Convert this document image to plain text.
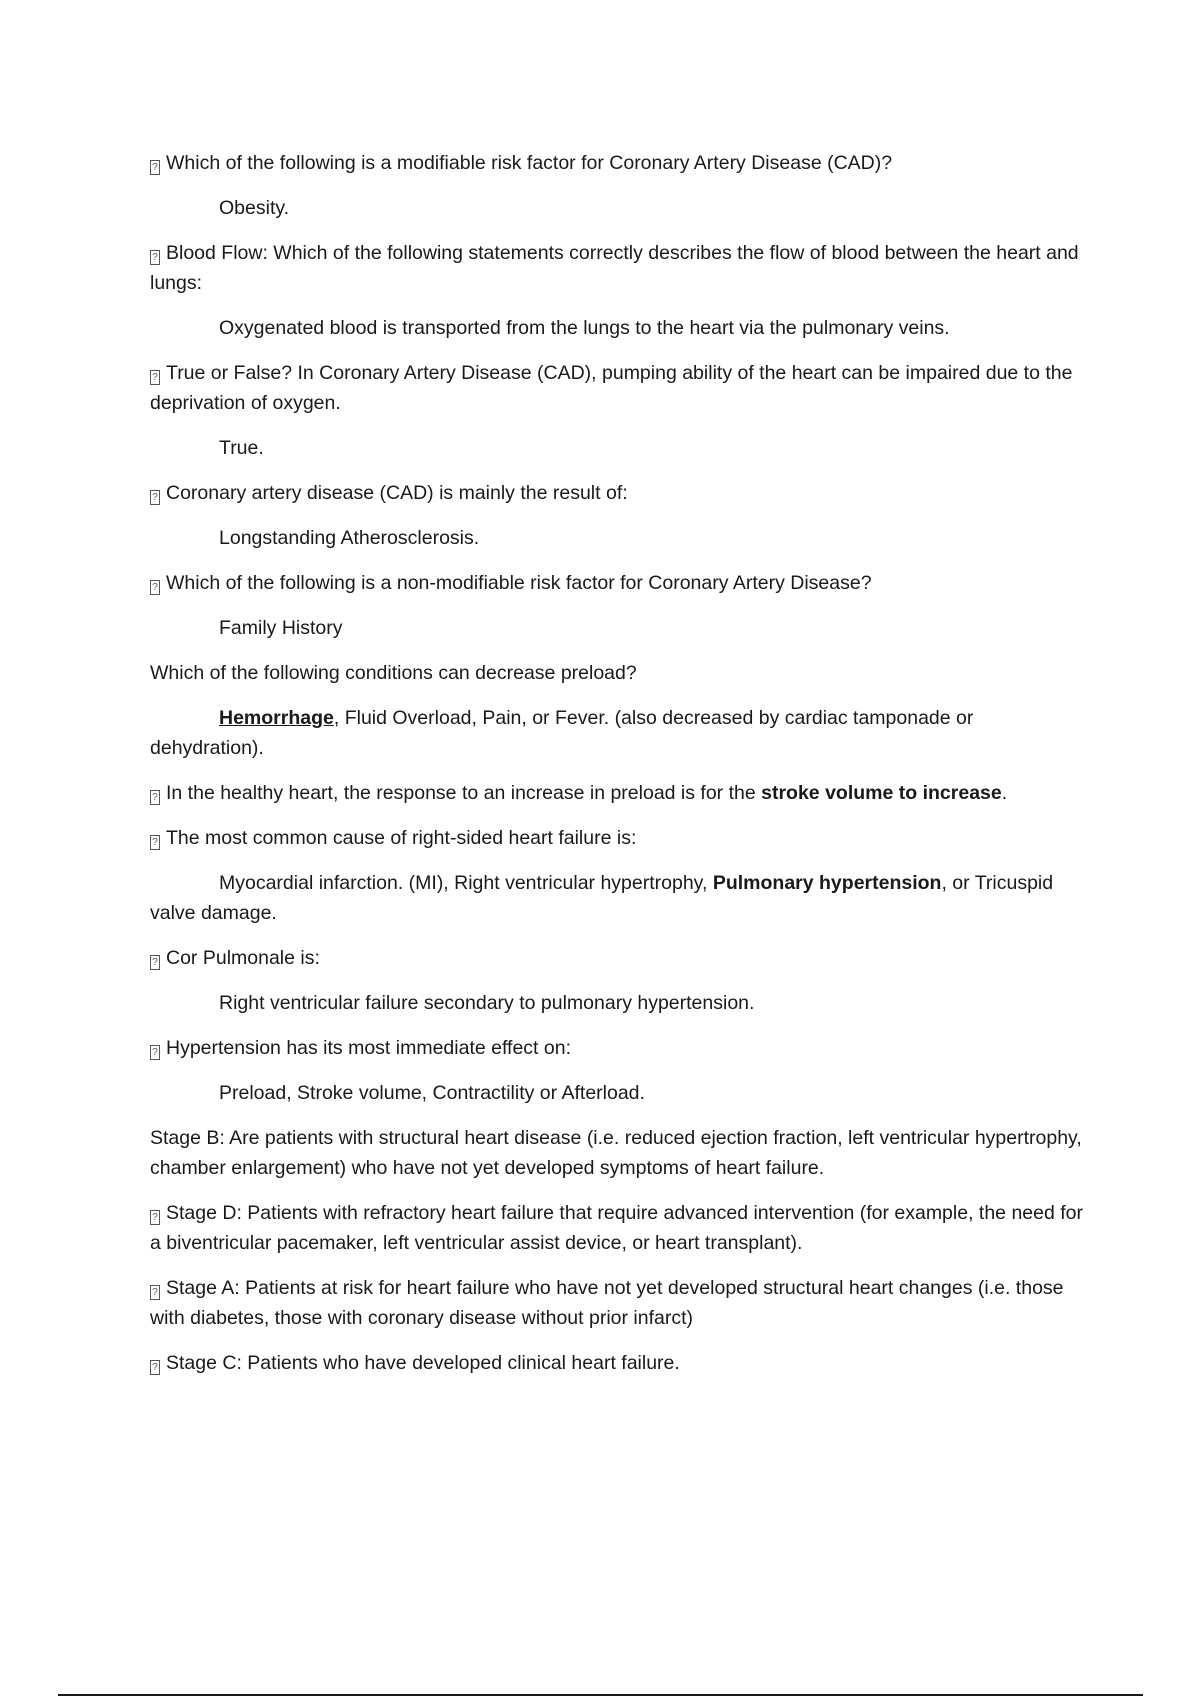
? Which of the following is a modifiable risk factor for Coronary Artery Disease (CAD)?

Obesity.

? Blood Flow: Which of the following statements correctly describes the flow of blood between the heart and lungs:

Oxygenated blood is transported from the lungs to the heart via the pulmonary veins.

? True or False? In Coronary Artery Disease (CAD), pumping ability of the heart can be impaired due to the deprivation of oxygen.

True.

? Coronary artery disease (CAD) is mainly the result of:

Longstanding Atherosclerosis.

? Which of the following is a non-modifiable risk factor for Coronary Artery Disease?

Family History

Which of the following conditions can decrease preload?

Hemorrhage, Fluid Overload, Pain, or Fever. (also decreased by cardiac tamponade or dehydration).

? In the healthy heart, the response to an increase in preload is for the stroke volume to increase.

? The most common cause of right-sided heart failure is:

Myocardial infarction. (MI), Right ventricular hypertrophy, Pulmonary hypertension, or Tricuspid valve damage.

? Cor Pulmonale is:

Right ventricular failure secondary to pulmonary hypertension.

? Hypertension has its most immediate effect on:

Preload, Stroke volume, Contractility or Afterload.

Stage B: Are patients with structural heart disease (i.e. reduced ejection fraction, left ventricular hypertrophy, chamber enlargement) who have not yet developed symptoms of heart failure.

? Stage D: Patients with refractory heart failure that require advanced intervention (for example, the need for a biventricular pacemaker, left ventricular assist device, or heart transplant).

? Stage A: Patients at risk for heart failure who have not yet developed structural heart changes (i.e. those with diabetes, those with coronary disease without prior infarct)

? Stage C: Patients who have developed clinical heart failure.
